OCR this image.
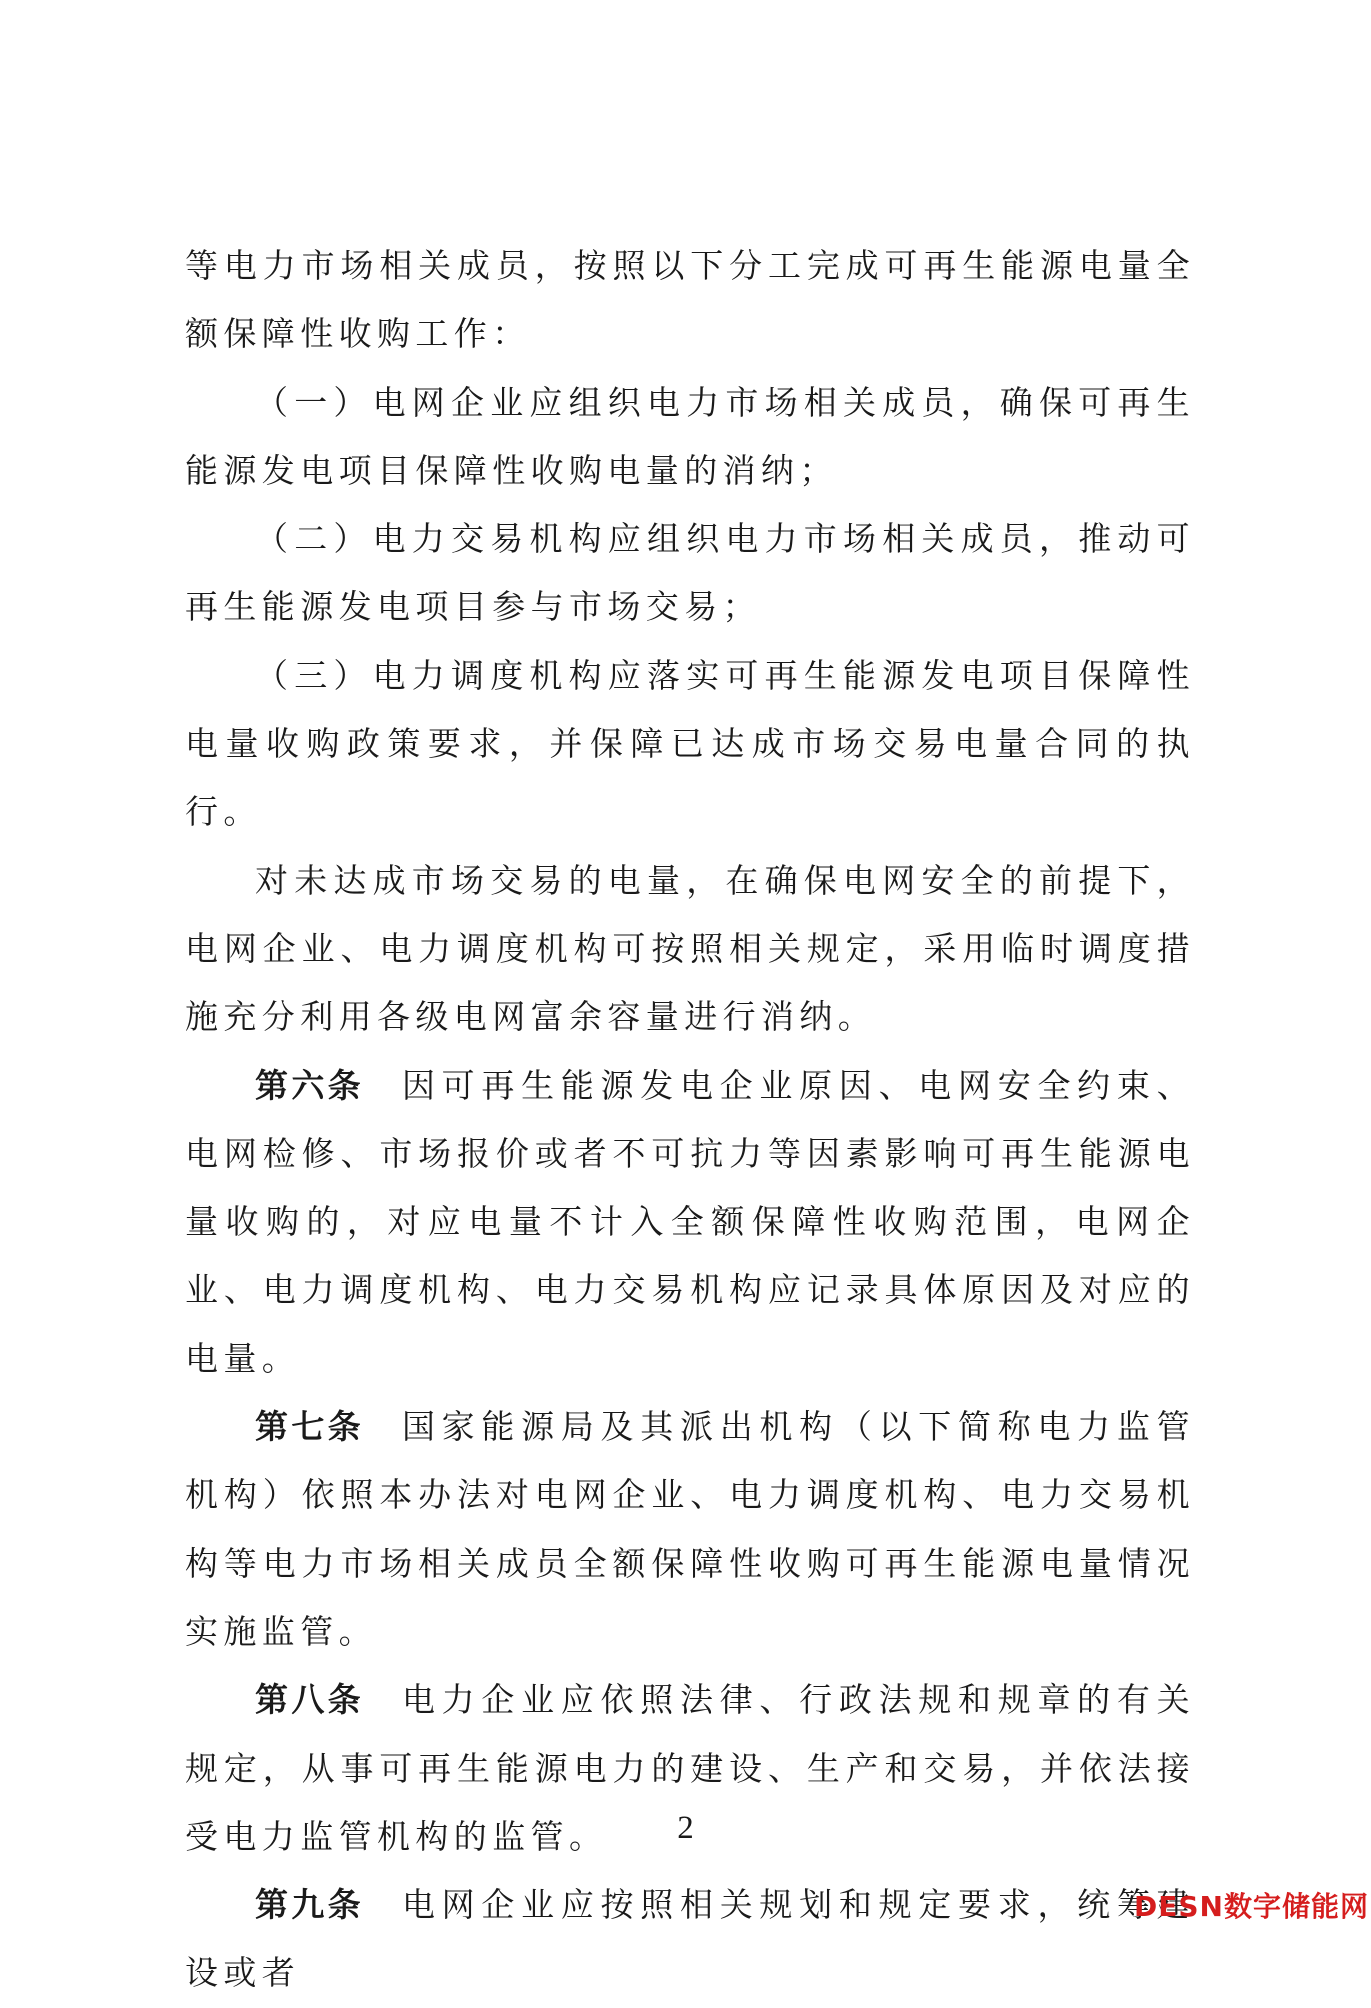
等电力市场相关成员，按照以下分工完成可再生能源电量全额保障性收购工作：

（一）电网企业应组织电力市场相关成员，确保可再生能源发电项目保障性收购电量的消纳；

（二）电力交易机构应组织电力市场相关成员，推动可再生能源发电项目参与市场交易；

（三）电力调度机构应落实可再生能源发电项目保障性电量收购政策要求，并保障已达成市场交易电量合同的执行。

对未达成市场交易的电量，在确保电网安全的前提下，电网企业、电力调度机构可按照相关规定，采用临时调度措施充分利用各级电网富余容量进行消纳。

第六条 因可再生能源发电企业原因、电网安全约束、电网检修、市场报价或者不可抗力等因素影响可再生能源电量收购的，对应电量不计入全额保障性收购范围，电网企业、电力调度机构、电力交易机构应记录具体原因及对应的电量。

第七条 国家能源局及其派出机构（以下简称电力监管机构）依照本办法对电网企业、电力调度机构、电力交易机构等电力市场相关成员全额保障性收购可再生能源电量情况实施监管。

第八条 电力企业应依照法律、行政法规和规章的有关规定，从事可再生能源电力的建设、生产和交易，并依法接受电力监管机构的监管。

第九条 电网企业应按照相关规划和规定要求，统筹建设或者

2
DESN数字储能网
